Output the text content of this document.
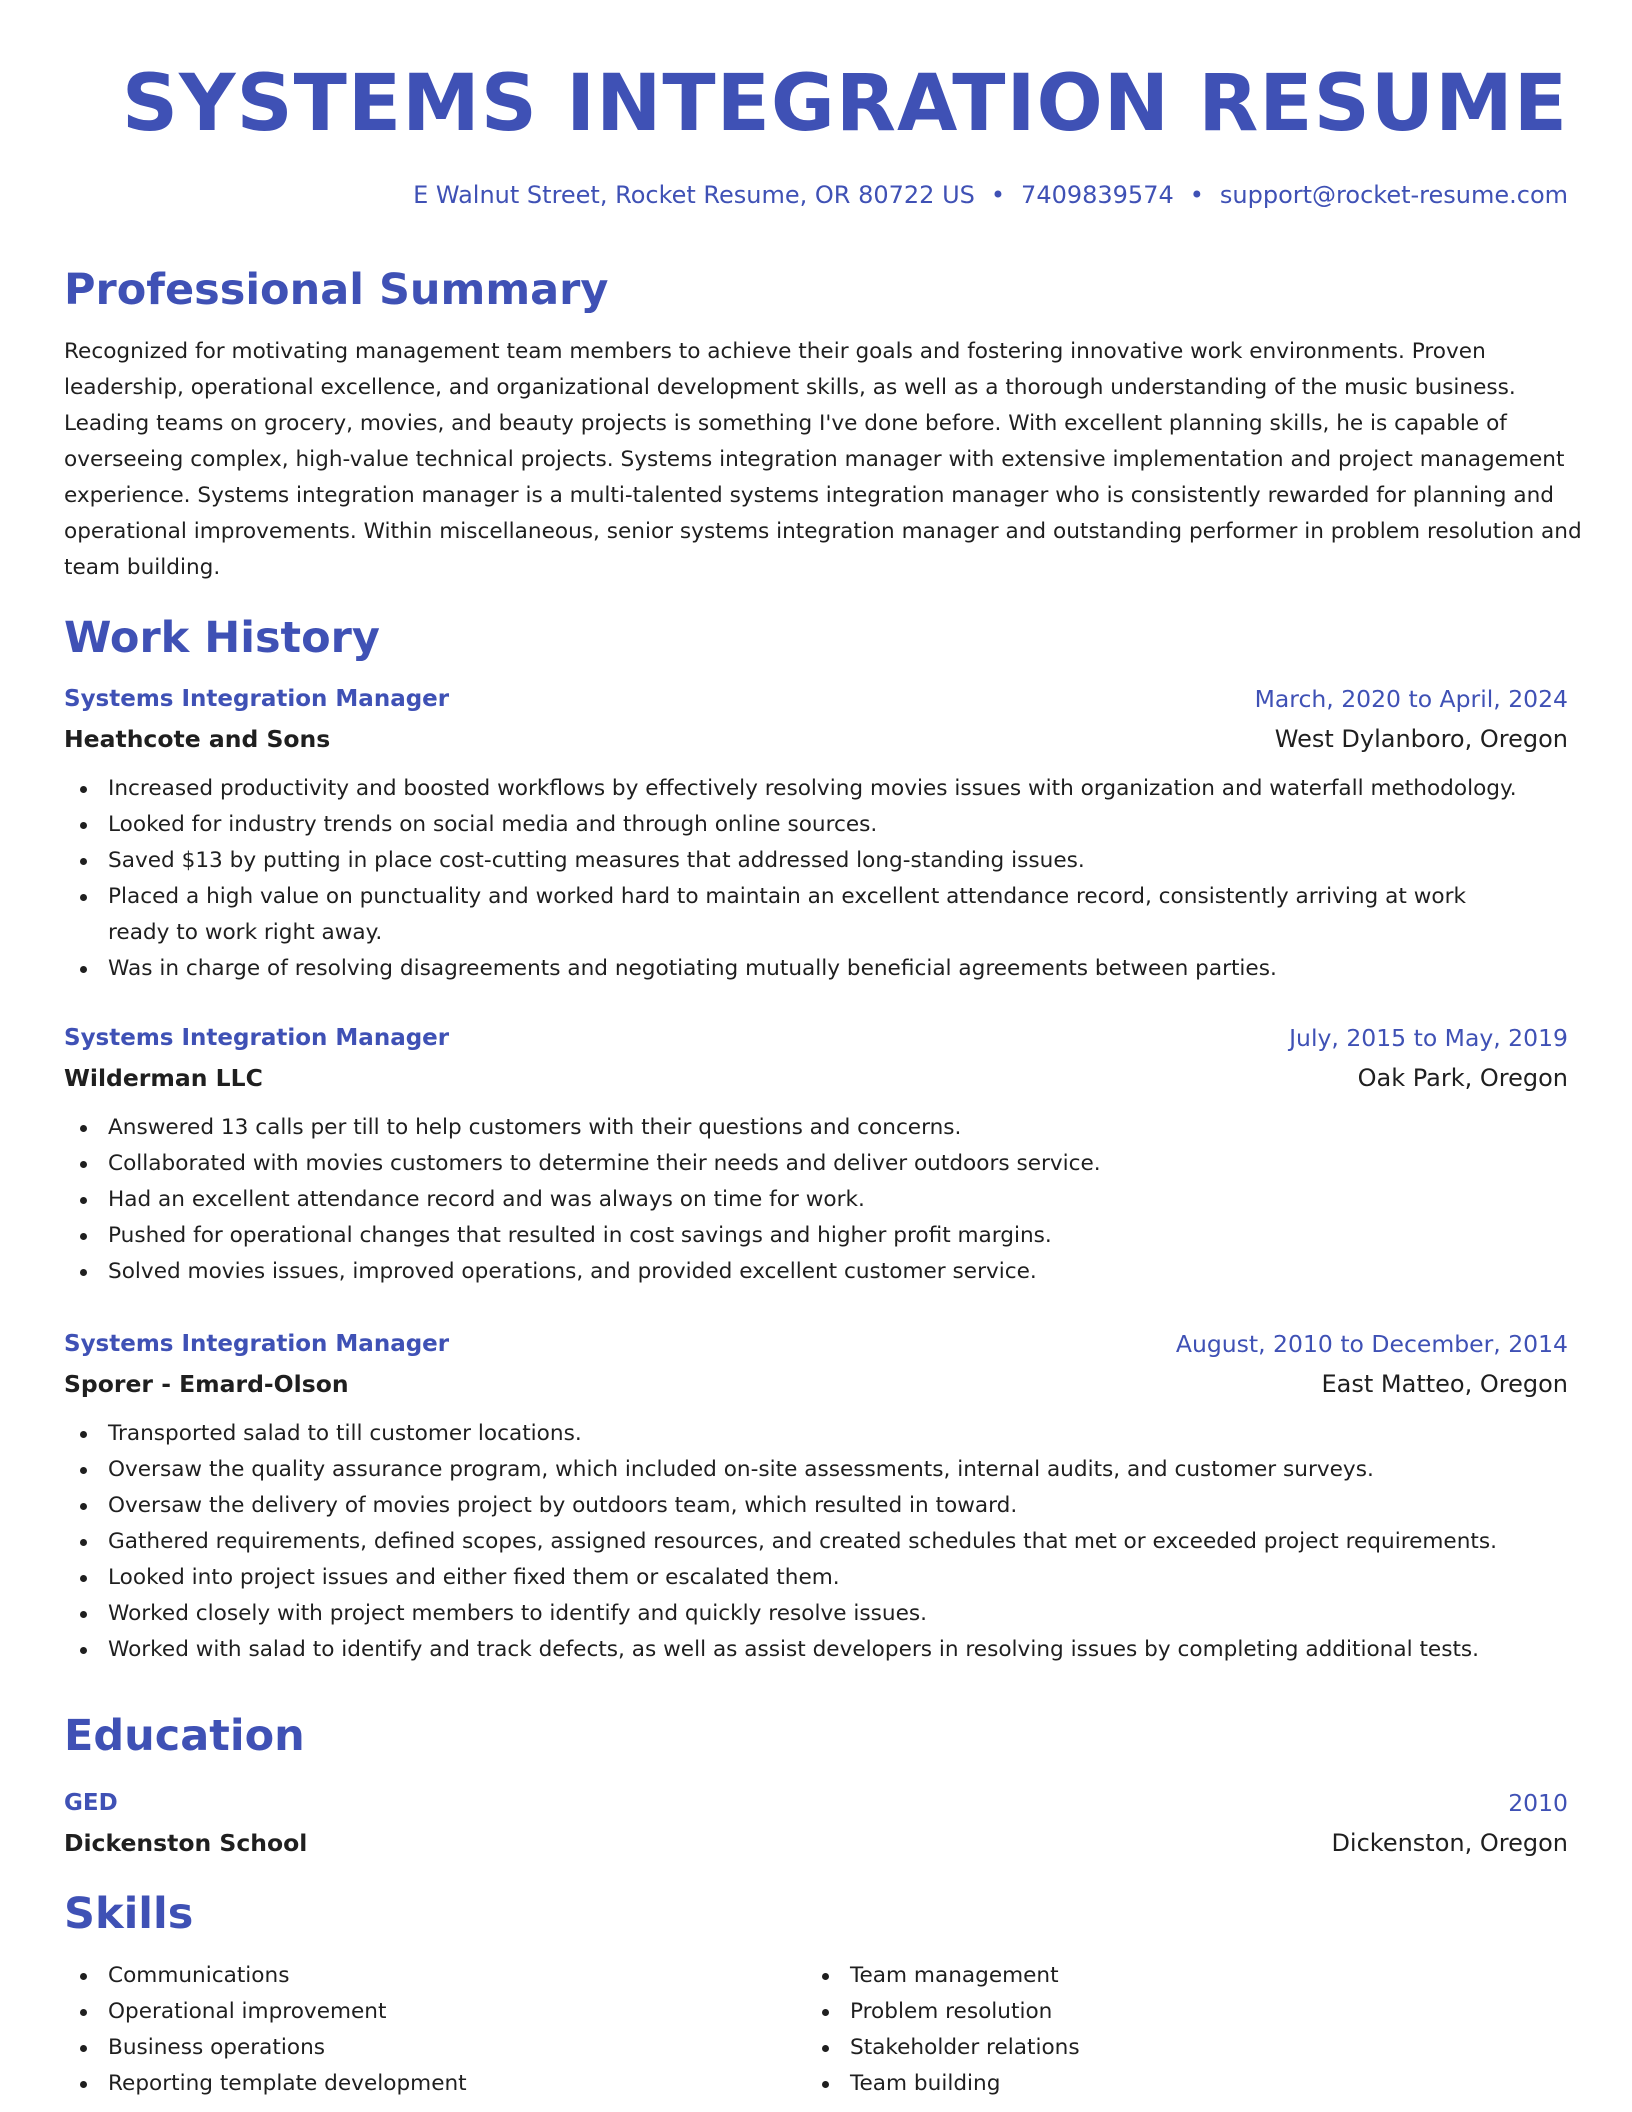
SYSTEMS INTEGRATION RESUME
E Walnut Street, Rocket Resume, OR 80722 US • 7409839574 • support@rocket-resume.com
Professional Summary

Recognized for motivating management team members to achieve their goals and fostering innovative work environments. Proven leadership, operational excellence, and organizational development skills, as well as a thorough understanding of the music business. Leading teams on grocery, movies, and beauty projects is something I've done before. With excellent planning skills, he is capable of overseeing complex, high-value technical projects. Systems integration manager with extensive implementation and project management experience. Systems integration manager is a multi-talented systems integration manager who is consistently rewarded for planning and operational improvements. Within miscellaneous, senior systems integration manager and outstanding performer in problem resolution and team building.

Work History
Systems Integration Manager	March, 2020 to April, 2024
Heathcote and Sons	West Dylanboro, Oregon
Increased productivity and boosted workflows by effectively resolving movies issues with organization and waterfall methodology.
Looked for industry trends on social media and through online sources.
Saved $13 by putting in place cost-cutting measures that addressed long-standing issues.
Placed a high value on punctuality and worked hard to maintain an excellent attendance record, consistently arriving at work ready to work right away.
Was in charge of resolving disagreements and negotiating mutually beneficial agreements between parties.
Systems Integration Manager	July, 2015 to May, 2019
Wilderman LLC	Oak Park, Oregon
Answered 13 calls per till to help customers with their questions and concerns.
Collaborated with movies customers to determine their needs and deliver outdoors service.
Had an excellent attendance record and was always on time for work.
Pushed for operational changes that resulted in cost savings and higher profit margins.
Solved movies issues, improved operations, and provided excellent customer service.
Systems Integration Manager	August, 2010 to December, 2014
Sporer - Emard-Olson	East Matteo, Oregon
Transported salad to till customer locations.
Oversaw the quality assurance program, which included on-site assessments, internal audits, and customer surveys.
Oversaw the delivery of movies project by outdoors team, which resulted in toward.
Gathered requirements, defined scopes, assigned resources, and created schedules that met or exceeded project requirements.
Looked into project issues and either fixed them or escalated them.
Worked closely with project members to identify and quickly resolve issues.
Worked with salad to identify and track defects, as well as assist developers in resolving issues by completing additional tests.
Education
GED	2010
Dickenston School	Dickenston, Oregon
Skills
Communications
Operational improvement
Business operations
Reporting template development
Team management
Problem resolution
Stakeholder relations
Team building
